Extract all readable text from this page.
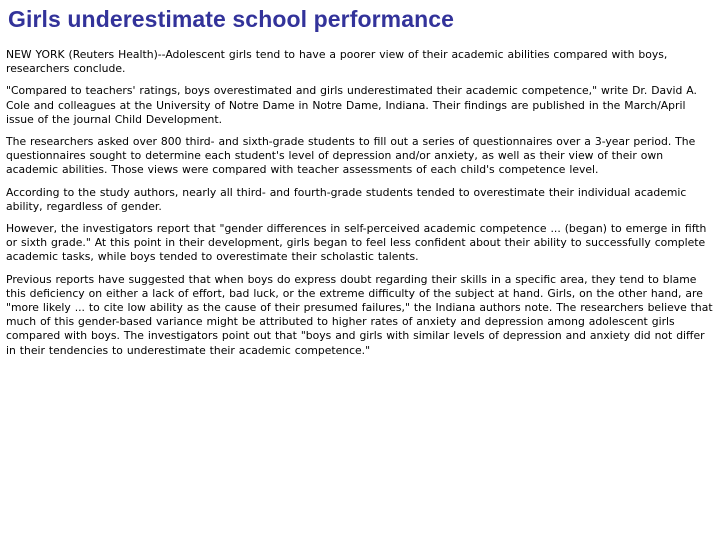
Girls underestimate school performance

NEW YORK (Reuters Health)--Adolescent girls tend to have a poorer view of their academic abilities compared with boys, researchers conclude.

"Compared to teachers' ratings, boys overestimated and girls underestimated their academic competence," write Dr. David A. Cole and colleagues at the University of Notre Dame in Notre Dame, Indiana. Their findings are published in the March/April issue of the journal Child Development.

The researchers asked over 800 third- and sixth-grade students to fill out a series of questionnaires over a 3-year period. The questionnaires sought to determine each student's level of depression and/or anxiety, as well as their view of their own academic abilities. Those views were compared with teacher assessments of each child's competence level.

According to the study authors, nearly all third- and fourth-grade students tended to overestimate their individual academic ability, regardless of gender.

However, the investigators report that "gender differences in self-perceived academic competence ... (began) to emerge in fifth or sixth grade." At this point in their development, girls began to feel less confident about their ability to successfully complete academic tasks, while boys tended to overestimate their scholastic talents.

Previous reports have suggested that when boys do express doubt regarding their skills in a specific area, they tend to blame this deficiency on either a lack of effort, bad luck, or the extreme difficulty of the subject at hand. Girls, on the other hand, are "more likely ... to cite low ability as the cause of their presumed failures," the Indiana authors note. The researchers believe that much of this gender-based variance might be attributed to higher rates of anxiety and depression among adolescent girls compared with boys. The investigators point out that "boys and girls with similar levels of depression and anxiety did not differ in their tendencies to underestimate their academic competence."
